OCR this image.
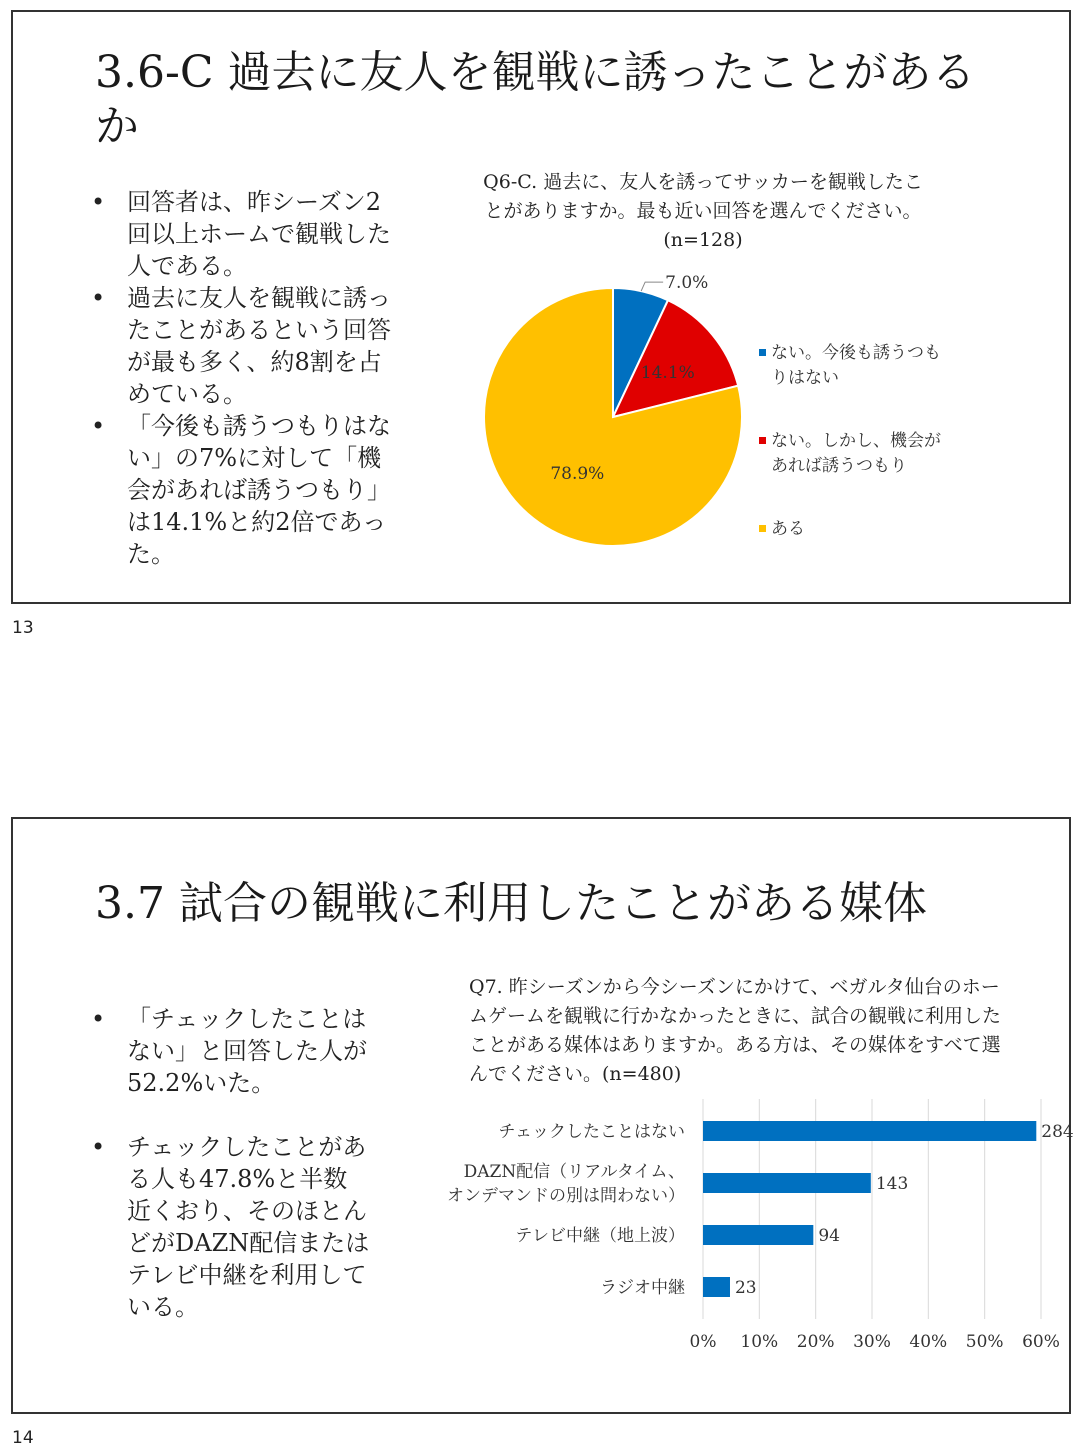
3.6-C 過去に友人を観戦に誘ったことがあるか
• 回答者は、昨シーズン2回以上ホームで観戦した人である。
• 過去に友人を観戦に誘ったことがあるという回答が最も多く、約8割を占めている。
• 「今後も誘うつもりはない」の7%に対して「機会があれば誘うつもり」は14.1%と約2倍であった。
Q6-C. 過去に、友人を誘ってサッカーを観戦したことがありますか。最も近い回答を選んでください。(n=128)
7.0%
14.1%
78.9%
ない。今後も誘うつもりはない
ない。しかし、機会があれば誘うつもり
ある
13
3.7 試合の観戦に利用したことがある媒体
• 「チェックしたことはない」と回答した人が52.2%いた。
• チェックしたことがある人も47.8%と半数近くおり、そのほとんどがDAZN配信またはテレビ中継を利用している。
Q7. 昨シーズンから今シーズンにかけて、ベガルタ仙台のホームゲームを観戦に行かなかったときに、試合の観戦に利用したことがある媒体はありますか。ある方は、その媒体をすべて選んでください。(n=480)
284
143
94
23
チェックしたことはない
DAZN配信（リアルタイム、オンデマンドの別は問わない）
テレビ中継（地上波）
ラジオ中継
0% 10% 20% 30% 40% 50% 60%
14
